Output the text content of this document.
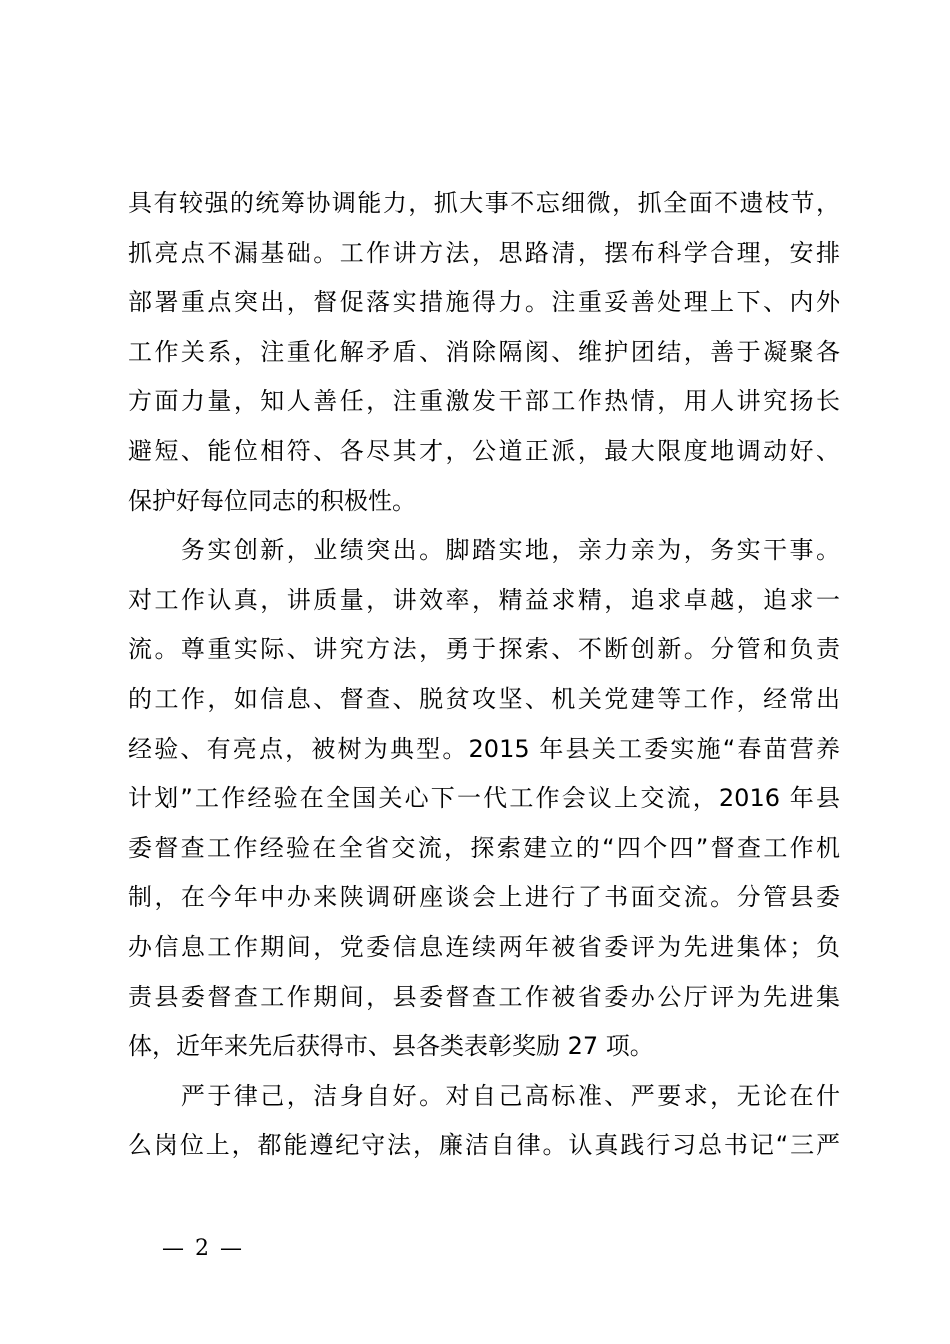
具有较强的统筹协调能力，抓大事不忘细微，抓全面不遗枝节，
抓亮点不漏基础。工作讲方法，思路清，摆布科学合理，安排
部署重点突出，督促落实措施得力。注重妥善处理上下、内外
工作关系，注重化解矛盾、消除隔阂、维护团结，善于凝聚各
方面力量，知人善任，注重激发干部工作热情，用人讲究扬长
避短、能位相符、各尽其才，公道正派，最大限度地调动好、
保护好每位同志的积极性。
　　务实创新，业绩突出。脚踏实地，亲力亲为，务实干事。
对工作认真，讲质量，讲效率，精益求精，追求卓越，追求一
流。尊重实际、讲究方法，勇于探索、不断创新。分管和负责
的工作，如信息、督查、脱贫攻坚、机关党建等工作，经常出
经验、有亮点，被树为典型。2015 年县关工委实施“春苗营养
计划”工作经验在全国关心下一代工作会议上交流，2016 年县
委督查工作经验在全省交流，探索建立的“四个四”督查工作机
制，在今年中办来陕调研座谈会上进行了书面交流。分管县委
办信息工作期间，党委信息连续两年被省委评为先进集体；负
责县委督查工作期间，县委督查工作被省委办公厅评为先进集
体，近年来先后获得市、县各类表彰奖励 27 项。
　　严于律己，洁身自好。对自己高标准、严要求，无论在什
么岗位上，都能遵纪守法，廉洁自律。认真践行习总书记“三严
— 2 —
